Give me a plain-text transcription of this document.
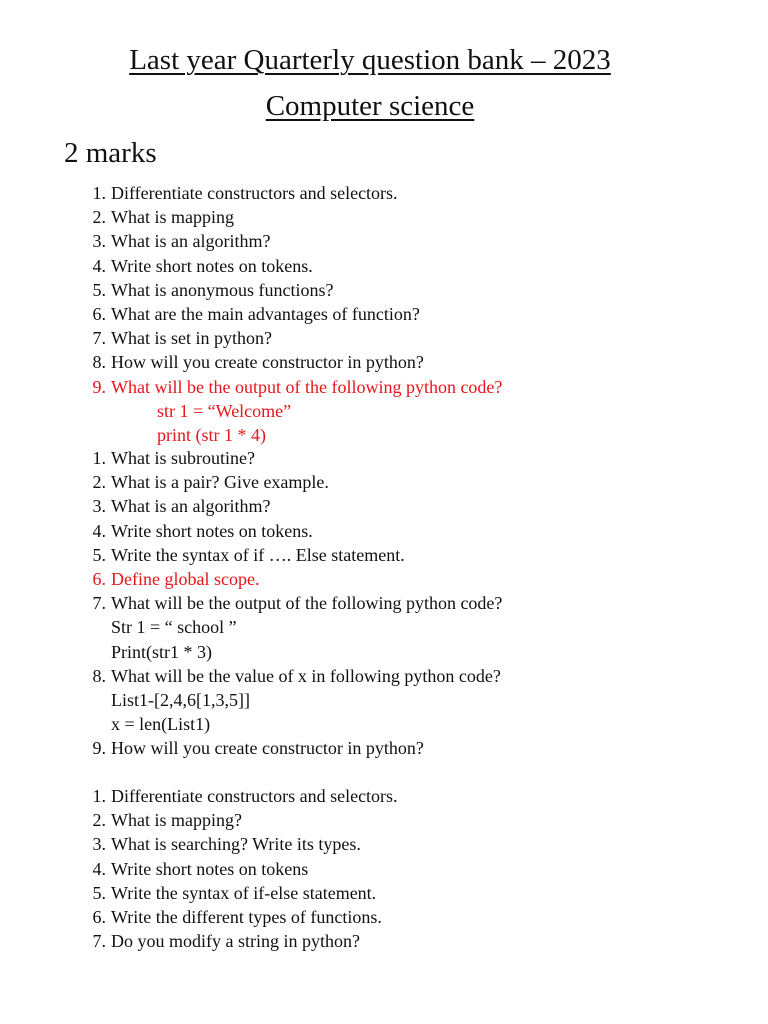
Last year Quarterly question bank – 2023
Computer science
2 marks
1. Differentiate constructors and selectors.
2. What is mapping
3. What is an algorithm?
4. Write short notes on tokens.
5. What is anonymous functions?
6. What are the main advantages of function?
7. What is set in python?
8. How will you create constructor in python?
9. What will be the output of the following python code?
str 1 = “Welcome”
print (str 1 * 4)
1. What is subroutine?
2. What is a pair? Give example.
3. What is an algorithm?
4. Write short notes on tokens.
5. Write the syntax of if …. Else statement.
6. Define global scope.
7. What will be the output of the following python code?
Str 1 = “ school ”
Print(str1 * 3)
8. What will be the value of x in following python code?
List1-[2,4,6[1,3,5]]
x = len(List1)
9. How will you create constructor in python?
1. Differentiate constructors and selectors.
2. What is mapping?
3. What is searching? Write its types.
4. Write short notes on tokens
5. Write the syntax of if-else statement.
6. Write the different types of functions.
7. Do you modify a string in python?
